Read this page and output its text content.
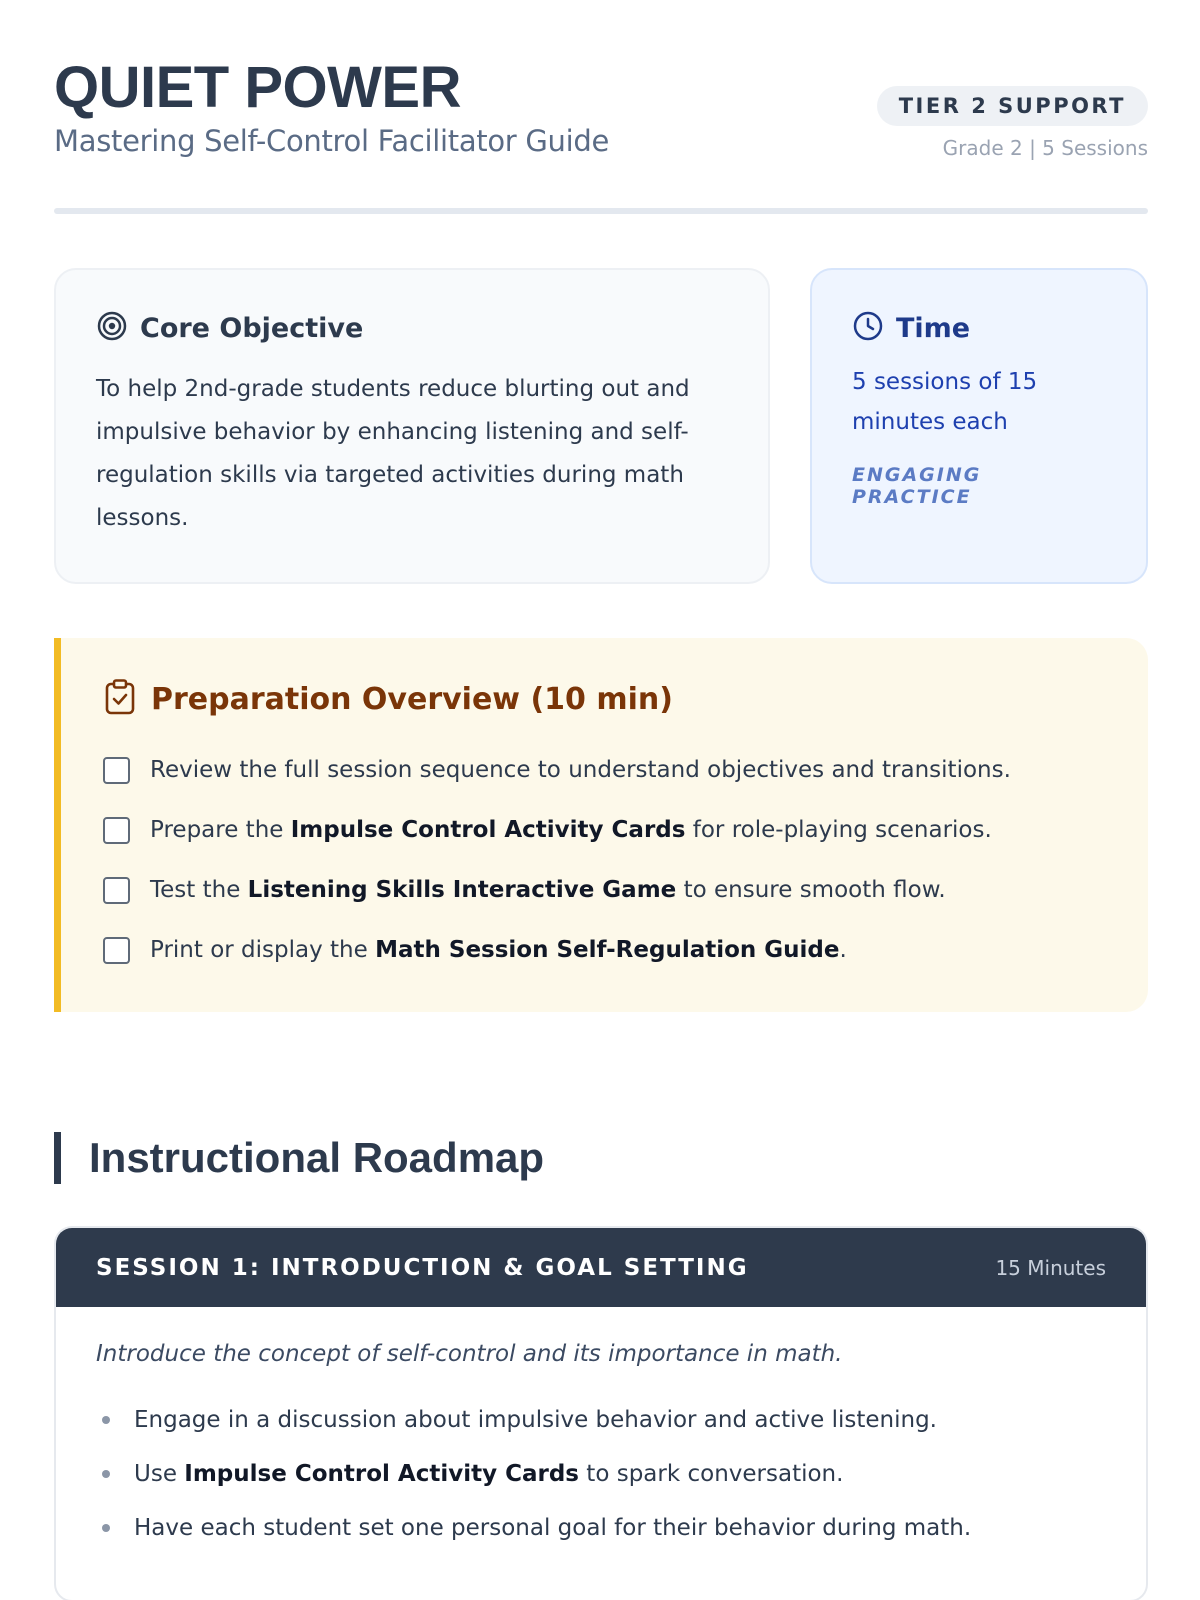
QUIET POWER
Mastering Self-Control Facilitator Guide
TIER 2 SUPPORT
Grade 2 | 5 Sessions
Core Objective

To help 2nd-grade students reduce blurting out and impulsive behavior by enhancing listening and self-regulation skills via targeted activities during math lessons.

Time

5 sessions of 15 minutes each

ENGAGING PRACTICE
Preparation Overview (10 min)
Review the full session sequence to understand objectives and transitions.
Prepare the Impulse Control Activity Cards for role-playing scenarios.
Test the Listening Skills Interactive Game to ensure smooth flow.
Print or display the Math Session Self-Regulation Guide.
Instructional Roadmap
SESSION 1: INTRODUCTION & GOAL SETTING	15 Minutes

Introduce the concept of self-control and its importance in math.

Engage in a discussion about impulsive behavior and active listening.
Use Impulse Control Activity Cards to spark conversation.
Have each student set one personal goal for their behavior during math.
